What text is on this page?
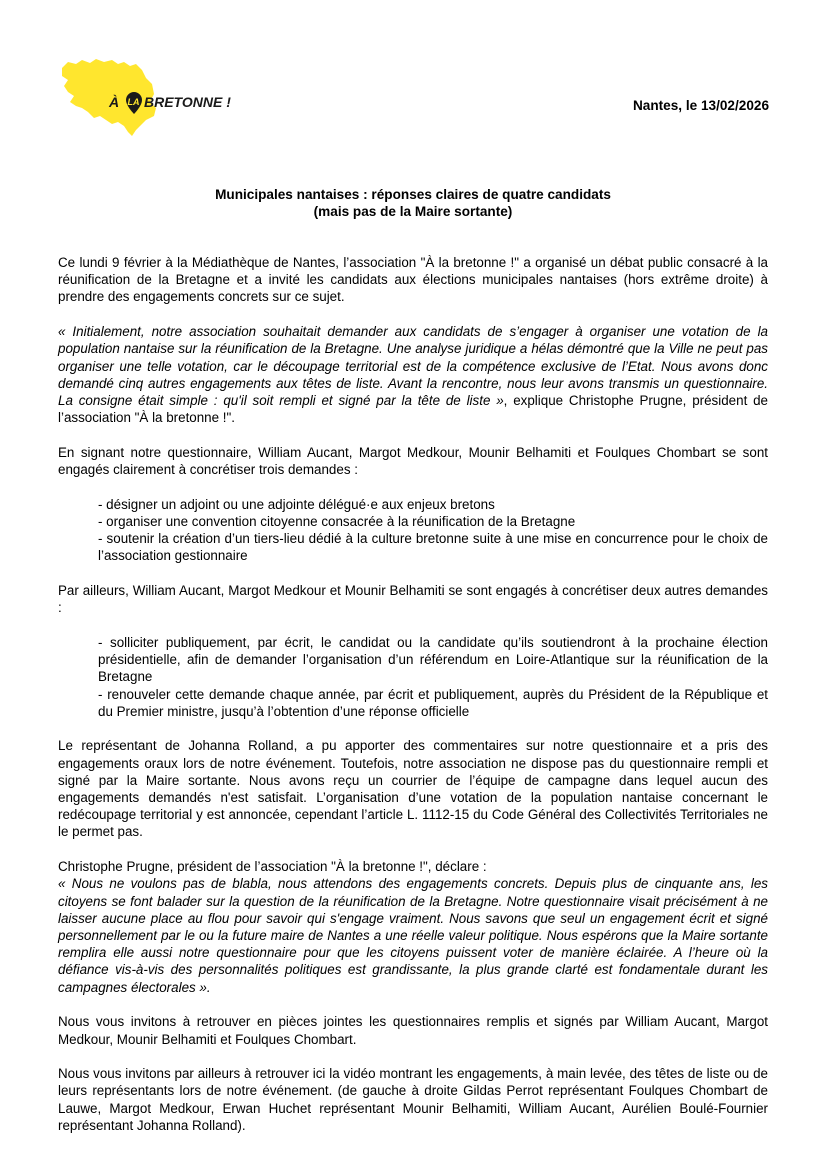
À LA BRETONNE !	Nantes, le 13/02/2026
Municipales nantaises : réponses claires de quatre candidats
(mais pas de la Maire sortante)

Ce lundi 9 février à la Médiathèque de Nantes, l’association "À la bretonne !" a organisé un débat public consacré à la réunification de la Bretagne et a invité les candidats aux élections municipales nantaises (hors extrême droite) à prendre des engagements concrets sur ce sujet.

« Initialement, notre association souhaitait demander aux candidats de s’engager à organiser une votation de la population nantaise sur la réunification de la Bretagne. Une analyse juridique a hélas démontré que la Ville ne peut pas organiser une telle votation, car le découpage territorial est de la compétence exclusive de l’Etat. Nous avons donc demandé cinq autres engagements aux têtes de liste. Avant la rencontre, nous leur avons transmis un questionnaire. La consigne était simple : qu'il soit rempli et signé par la tête de liste », explique Christophe Prugne, président de l’association "À la bretonne !".

En signant notre questionnaire, William Aucant, Margot Medkour, Mounir Belhamiti et Foulques Chombart se sont engagés clairement à concrétiser trois demandes :

- désigner un adjoint ou une adjointe délégué·e aux enjeux bretons
- organiser une convention citoyenne consacrée à la réunification de la Bretagne
- soutenir la création d’un tiers-lieu dédié à la culture bretonne suite à une mise en concurrence pour le choix de l’association gestionnaire

Par ailleurs, William Aucant, Margot Medkour et Mounir Belhamiti se sont engagés à concrétiser deux autres demandes :

- solliciter publiquement, par écrit, le candidat ou la candidate qu’ils soutiendront à la prochaine élection présidentielle, afin de demander l’organisation d’un référendum en Loire-Atlantique sur la réunification de la Bretagne
- renouveler cette demande chaque année, par écrit et publiquement, auprès du Président de la République et du Premier ministre, jusqu’à l’obtention d’une réponse officielle

Le représentant de Johanna Rolland, a pu apporter des commentaires sur notre questionnaire et a pris des engagements oraux lors de notre événement. Toutefois, notre association ne dispose pas du questionnaire rempli et signé par la Maire sortante. Nous avons reçu un courrier de l’équipe de campagne dans lequel aucun des engagements demandés n'est satisfait. L’organisation d’une votation de la population nantaise concernant le redécoupage territorial y est annoncée, cependant l’article L. 1112-15 du Code Général des Collectivités Territoriales ne le permet pas.

Christophe Prugne, président de l’association "À la bretonne !", déclare :

« Nous ne voulons pas de blabla, nous attendons des engagements concrets. Depuis plus de cinquante ans, les citoyens se font balader sur la question de la réunification de la Bretagne. Notre questionnaire visait précisément à ne laisser aucune place au flou pour savoir qui s'engage vraiment. Nous savons que seul un engagement écrit et signé personnellement par le ou la future maire de Nantes a une réelle valeur politique. Nous espérons que la Maire sortante remplira elle aussi notre questionnaire pour que les citoyens puissent voter de manière éclairée. A l’heure où la défiance vis-à-vis des personnalités politiques est grandissante, la plus grande clarté est fondamentale durant les campagnes électorales ».

Nous vous invitons à retrouver en pièces jointes les questionnaires remplis et signés par William Aucant, Margot Medkour, Mounir Belhamiti et Foulques Chombart.

Nous vous invitons par ailleurs à retrouver ici la vidéo montrant les engagements, à main levée, des têtes de liste ou de leurs représentants lors de notre événement. (de gauche à droite Gildas Perrot représentant Foulques Chombart de Lauwe, Margot Medkour, Erwan Huchet représentant Mounir Belhamiti, William Aucant, Aurélien Boulé-Fournier représentant Johanna Rolland).
